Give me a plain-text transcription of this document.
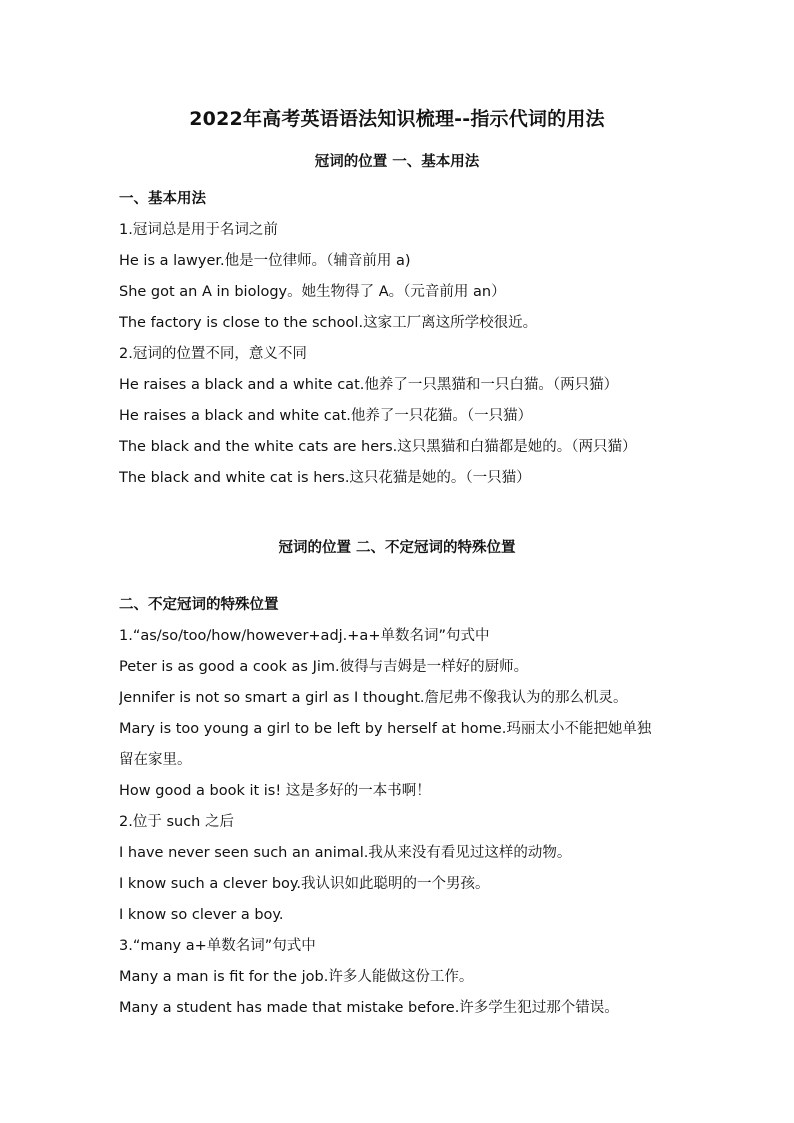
2022年高考英语语法知识梳理--指示代词的用法
冠词的位置 一、基本用法
一、基本用法
1.冠词总是用于名词之前
He is a lawyer.他是一位律师。（辅音前用 a)
She got an A in biology。她生物得了 A。（元音前用 an）
The factory is close to the school.这家工厂离这所学校很近。
2.冠词的位置不同，意义不同
He raises a black and a white cat.他养了一只黑猫和一只白猫。（两只猫）
He raises a black and white cat.他养了一只花猫。（一只猫）
The black and the white cats are hers.这只黑猫和白猫都是她的。（两只猫）
The black and white cat is hers.这只花猫是她的。（一只猫）
冠词的位置 二、不定冠词的特殊位置
二、不定冠词的特殊位置
1.“as/so/too/how/however+adj.+a+单数名词”句式中
Peter is as good a cook as Jim.彼得与吉姆是一样好的厨师。
Jennifer is not so smart a girl as I thought.詹尼弗不像我认为的那么机灵。
Mary is too young a girl to be left by herself at home.玛丽太小不能把她单独
留在家里。
How good a book it is! 这是多好的一本书啊！
2.位于 such 之后
I have never seen such an animal.我从来没有看见过这样的动物。
I know such a clever boy.我认识如此聪明的一个男孩。
I know so clever a boy.
3.“many a+单数名词”句式中
Many a man is fit for the job.许多人能做这份工作。
Many a student has made that mistake before.许多学生犯过那个错误。
